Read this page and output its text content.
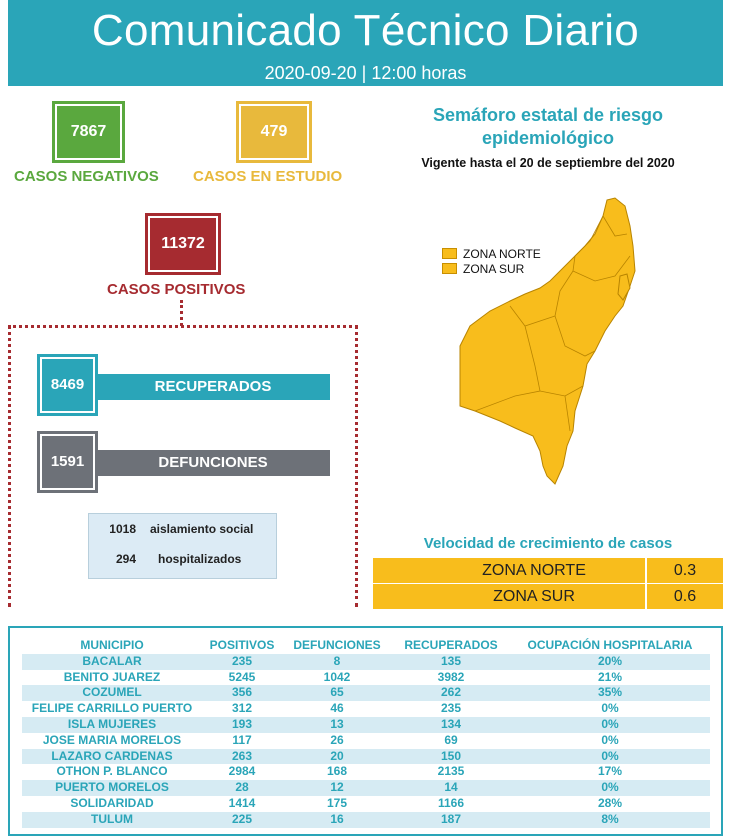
Comunicado Técnico Diario
2020-09-20 | 12:00 horas
7867
CASOS NEGATIVOS
479
CASOS EN ESTUDIO
11372
CASOS POSITIVOS
RECUPERADOS
8469
DEFUNCIONES
1591
1018	aislamiento social
294	hospitalizados
Semáforo estatal de riesgo epidemiológico
Vigente hasta el 20 de septiembre del 2020
ZONA NORTE
ZONA SUR
Velocidad de crecimiento de casos
ZONA NORTE	0.3
ZONA SUR	0.6
MUNICIPIO	POSITIVOS	DEFUNCIONES	RECUPERADOS	OCUPACIÓN HOSPITALARIA
BACALAR	235	8	135	20%
BENITO JUAREZ	5245	1042	3982	21%
COZUMEL	356	65	262	35%
FELIPE CARRILLO PUERTO	312	46	235	0%
ISLA MUJERES	193	13	134	0%
JOSE MARIA MORELOS	117	26	69	0%
LAZARO CARDENAS	263	20	150	0%
OTHON P. BLANCO	2984	168	2135	17%
PUERTO MORELOS	28	12	14	0%
SOLIDARIDAD	1414	175	1166	28%
TULUM	225	16	187	8%
